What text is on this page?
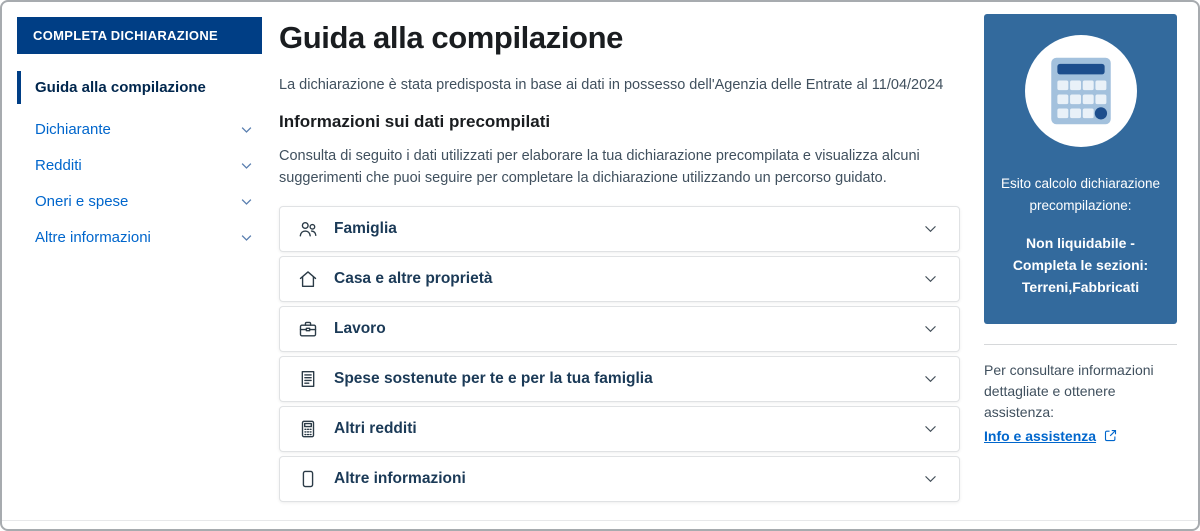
COMPLETA DICHIARAZIONE
Guida alla compilazione
Dichiarante
Redditi
Oneri e spese
Altre informazioni
Guida alla compilazione

La dichiarazione è stata predisposta in base ai dati in possesso dell'Agenzia delle Entrate al 11/04/2024

Informazioni sui dati precompilati

Consulta di seguito i dati utilizzati per elaborare la tua dichiarazione precompilata e visualizza alcuni suggerimenti che puoi seguire per completare la dichiarazione utilizzando un percorso guidato.

Famiglia
Casa e altre proprietà
Lavoro
Spese sostenute per te e per la tua famiglia
Altri redditi
Altre informazioni

Esito calcolo dichiarazione precompilazione:

Non liquidabile - Completa le sezioni: Terreni,Fabbricati

Per consultare informazioni dettagliate e ottenere assistenza:

Info e assistenza
